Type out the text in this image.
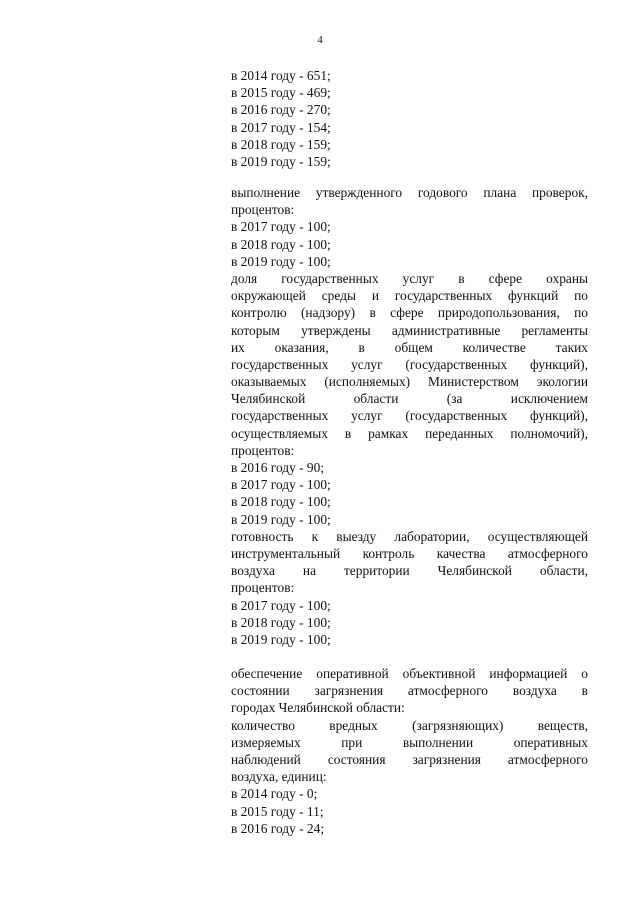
4
в 2014 году - 651;
в 2015 году - 469;
в 2016 году - 270;
в 2017 году - 154;
в 2018 году - 159;
в 2019 году - 159;
выполнение утвержденного годового плана проверок,
процентов:
в 2017 году - 100;
в 2018 году - 100;
в 2019 году - 100;
доля государственных услуг в сфере охраны
окружающей среды и государственных функций по
контролю (надзору) в сфере природопользования, по
которым утверждены административные регламенты
их оказания, в общем количестве таких
государственных услуг (государственных функций),
оказываемых (исполняемых) Министерством экологии
Челябинской области (за исключением
государственных услуг (государственных функций),
осуществляемых в рамках переданных полномочий),
процентов:
в 2016 году - 90;
в 2017 году - 100;
в 2018 году - 100;
в 2019 году - 100;
готовность к выезду лаборатории, осуществляющей
инструментальный контроль качества атмосферного
воздуха на территории Челябинской области,
процентов:
в 2017 году - 100;
в 2018 году - 100;
в 2019 году - 100;
обеспечение оперативной объективной информацией о
состоянии загрязнения атмосферного воздуха в
городах Челябинской области:
количество вредных (загрязняющих) веществ,
измеряемых при выполнении оперативных
наблюдений состояния загрязнения атмосферного
воздуха, единиц:
в 2014 году - 0;
в 2015 году - 11;
в 2016 году - 24;
